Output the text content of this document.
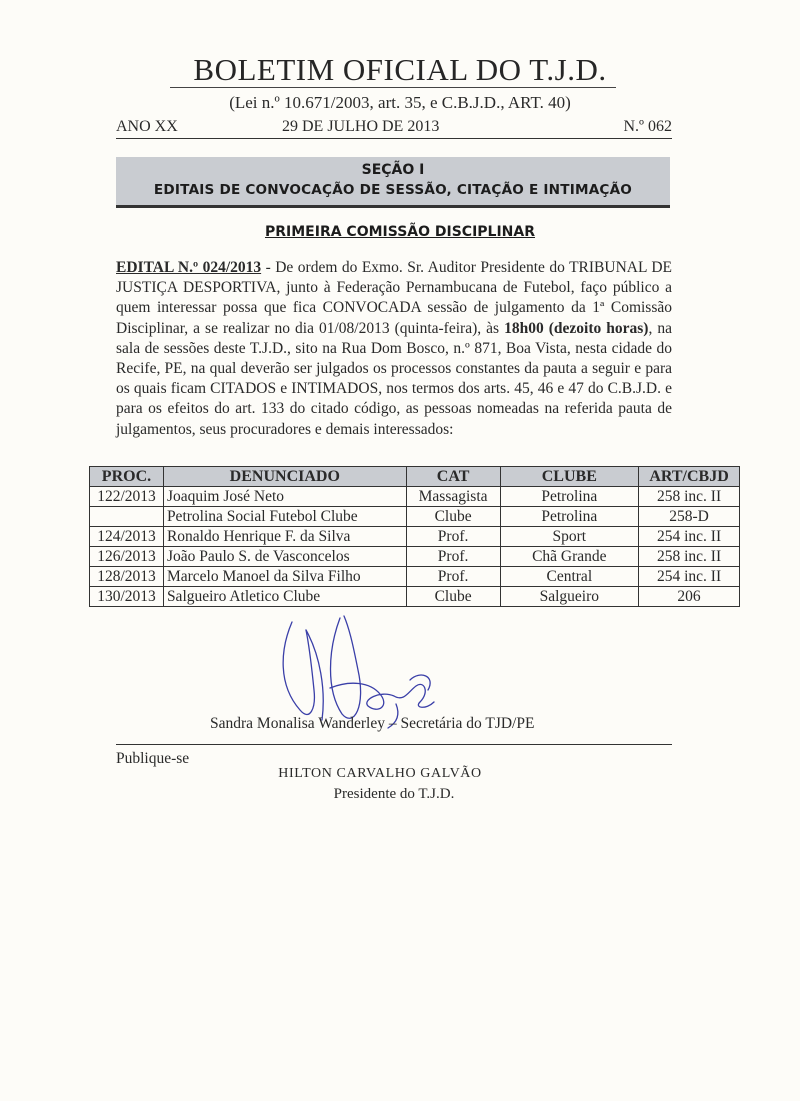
BOLETIM OFICIAL DO T.J.D.
(Lei n.º 10.671/2003, art. 35, e C.B.J.D., ART. 40)
ANO XX	29 DE JULHO DE 2013	N.º 062
SEÇÃO I
EDITAIS DE CONVOCAÇÃO DE SESSÃO, CITAÇÃO E INTIMAÇÃO
PRIMEIRA COMISSÃO DISCIPLINAR
EDITAL N.º 024/2013 - De ordem do Exmo. Sr. Auditor Presidente do TRIBUNAL DE JUSTIÇA DESPORTIVA, junto à Federação Pernambucana de Futebol, faço público a quem interessar possa que fica CONVOCADA sessão de julgamento da 1ª Comissão Disciplinar, a se realizar no dia 01/08/2013 (quinta-feira), às 18h00 (dezoito horas), na sala de sessões deste T.J.D., sito na Rua Dom Bosco, n.º 871, Boa Vista, nesta cidade do Recife, PE, na qual deverão ser julgados os processos constantes da pauta a seguir e para os quais ficam CITADOS e INTIMADOS, nos termos dos arts. 45, 46 e 47 do C.B.J.D. e para os efeitos do art. 133 do citado código, as pessoas nomeadas na referida pauta de julgamentos, seus procuradores e demais interessados:
PROC.	DENUNCIADO	CAT	CLUBE	ART/CBJD
122/2013	Joaquim José Neto	Massagista	Petrolina	258 inc. II
	Petrolina Social Futebol Clube	Clube	Petrolina	258-D
124/2013	Ronaldo Henrique F. da Silva	Prof.	Sport	254 inc. II
126/2013	João Paulo S. de Vasconcelos	Prof.	Chã Grande	258 inc. II
128/2013	Marcelo Manoel da Silva Filho	Prof.	Central	254 inc. II
130/2013	Salgueiro Atletico Clube	Clube	Salgueiro	206
Sandra Monalisa Wanderley – Secretária do TJD/PE
Publique-se
HILTON CARVALHO GALVÃO
Presidente do T.J.D.
